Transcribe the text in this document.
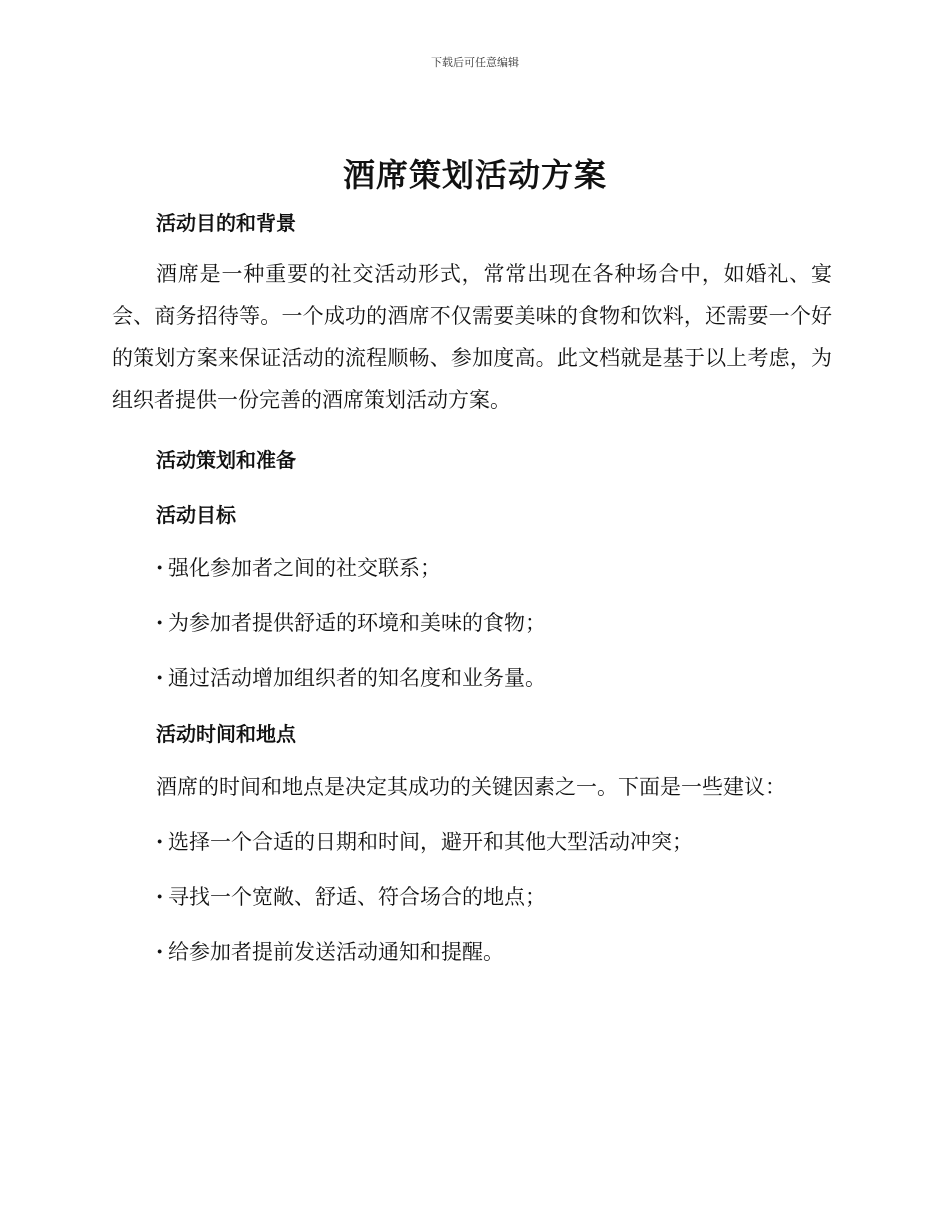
下载后可任意编辑
酒席策划活动方案
活动目的和背景

酒席是一种重要的社交活动形式，常常出现在各种场合中，如婚礼、宴会、商务招待等。一个成功的酒席不仅需要美味的食物和饮料，还需要一个好的策划方案来保证活动的流程顺畅、参加度高。此文档就是基于以上考虑，为组织者提供一份完善的酒席策划活动方案。

活动策划和准备
活动目标
· 强化参加者之间的社交联系；
· 为参加者提供舒适的环境和美味的食物；
· 通过活动增加组织者的知名度和业务量。
活动时间和地点

酒席的时间和地点是决定其成功的关键因素之一。下面是一些建议：

· 选择一个合适的日期和时间，避开和其他大型活动冲突；
· 寻找一个宽敞、舒适、符合场合的地点；
· 给参加者提前发送活动通知和提醒。
